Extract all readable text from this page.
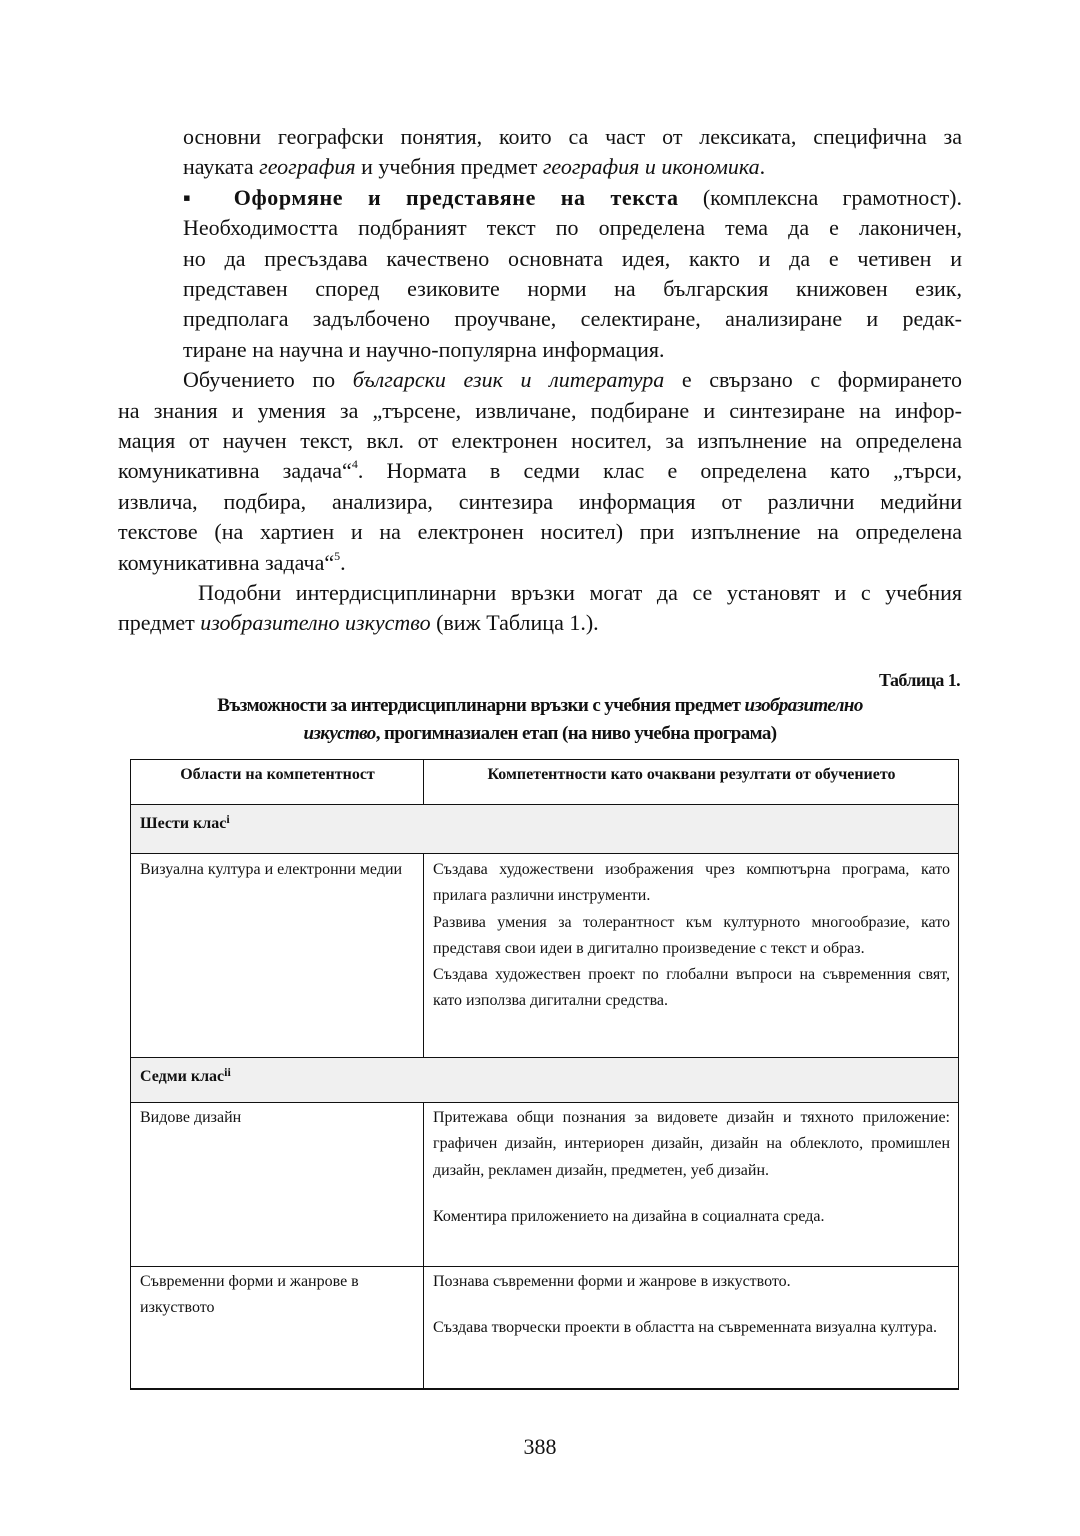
основни географски понятия, които са част от лексиката, специфична за
науката география и учебния предмет география и икономика.
▪ Оформяне и представяне на текста (комплексна грамотност).
Необходимостта подбраният текст по определена тема да е лаконичен,
но да пресъздава качествено основната идея, както и да е четивен и
представен според езиковите норми на българския книжовен език,
предполага задълбочено проучване, селектиране, анализиране и редак-
тиране на научна и научно-популярна информация.
Обучението по български език и литература е свързано с формирането
на знания и умения за „търсене, извличане, подбиране и синтезиране на инфор-
мация от научен текст, вкл. от електронен носител, за изпълнение на определена
комуникативна задача“$^4$. Нормата в седми клас е определена като „търси,
извлича, подбира, анализира, синтезира информация от различни медийни
текстове (на хартиен и на електронен носител) при изпълнение на определена
комуникативна задача“$^5$.
Подобни интердисциплинарни връзки могат да се установят и с учебния
предмет изобразително изкуство (виж Таблица 1.).
Таблица 1.
Възможности за интердисциплинарни връзки с учебния предмет изобразително
изкуство, прогимназиален етап (на ниво учебна програма)
Области на компетентност	Компетентности като очаквани резултати от обучението
Шести клас$^i$
Визуална култура и електронни медии	Създава художествени изображения чрез компютърна програма, като прилага различни инструменти.

Развива умения за толерантност към културното многообразие, като представя свои идеи в дигитално произведение с текст и образ.

Създава художествен проект по глобални въпроси на съвременния свят, като използва дигитални средства.

Седми клас$^{ii}$
Видове дизайн	Притежава общи познания за видовете дизайн и тяхното приложение: графичен дизайн, интериорен дизайн, дизайн на облеклото, промишлен дизайн, рекламен дизайн, предметен, уеб дизайн.

Коментира приложението на дизайна в социалната среда.

Съвременни форми и жанрове в изкуството	Познава съвременни форми и жанрове в изкуството.

Създава творчески проекти в областта на съвременната визуална култура.

388
